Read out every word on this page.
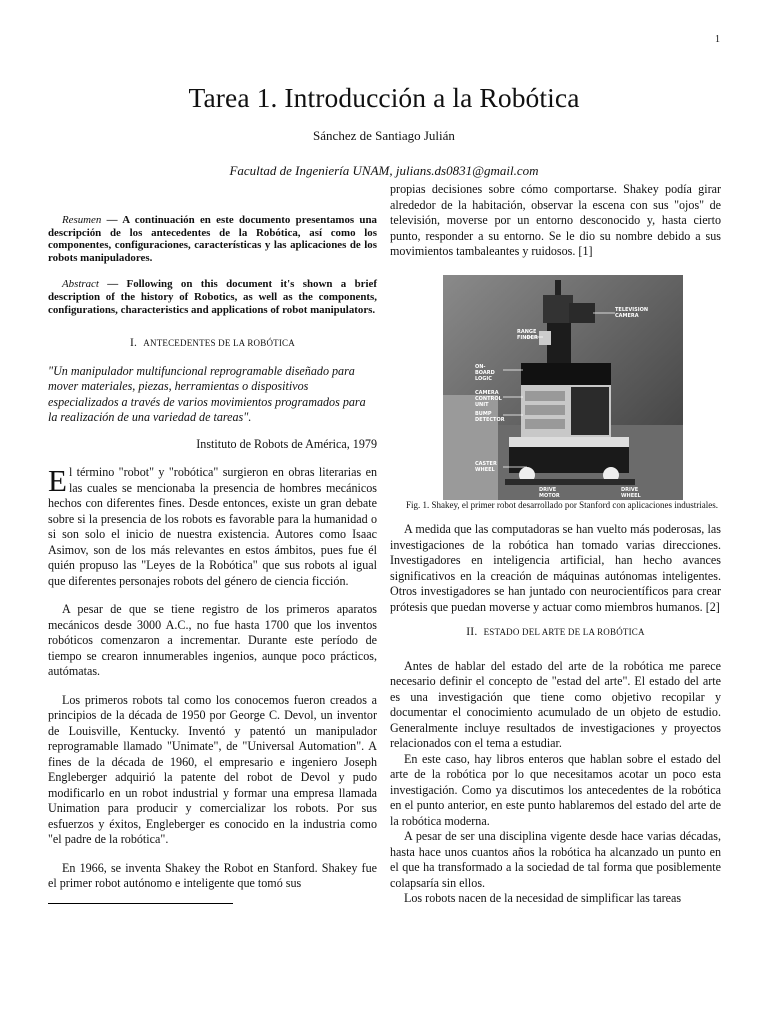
1
Tarea 1. Introducción a la Robótica
Sánchez de Santiago Julián
Facultad de Ingeniería UNAM, julians.ds0831@gmail.com

Resumen — A continuación en este documento presentamos una descripción de los antecedentes de la Robótica, así como los componentes, configuraciones, características y las aplicaciones de los robots manipuladores.

Abstract — Following on this document it's shown a brief description of the history of Robotics, as well as the components, configurations, characteristics and applications of robot manipulators.

I. ANTECEDENTES DE LA ROBÓTICA

"Un manipulador multifuncional reprogramable diseñado para mover materiales, piezas, herramientas o dispositivos especializados a través de varios movimientos programados para la realización de una variedad de tareas".

Instituto de Robots de América, 1979

El término "robot" y "robótica" surgieron en obras literarias en las cuales se mencionaba la presencia de hombres mecánicos hechos con diferentes fines. Desde entonces, existe un gran debate sobre si la presencia de los robots es favorable para la humanidad o si son solo el inicio de nuestra existencia. Autores como Isaac Asimov, son de los más relevantes en estos ámbitos, pues fue él quién propuso las "Leyes de la Robótica" que sus robots al igual que diferentes personajes robots del género de ciencia ficción.

A pesar de que se tiene registro de los primeros aparatos mecánicos desde 3000 A.C., no fue hasta 1700 que los inventos robóticos comenzaron a incrementar. Durante este período de tiempo se crearon innumerables ingenios, aunque poco prácticos, autómatas.

Los primeros robots tal como los conocemos fueron creados a principios de la década de 1950 por George C. Devol, un inventor de Louisville, Kentucky. Inventó y patentó un manipulador reprogramable llamado "Unimate", de "Universal Automation". A fines de la década de 1960, el empresario e ingeniero Joseph Engleberger adquirió la patente del robot de Devol y pudo modificarlo en un robot industrial y formar una empresa llamada Unimation para producir y comercializar los robots. Por sus esfuerzos y éxitos, Engleberger es conocido en la industria como "el padre de la robótica".

En 1966, se inventa Shakey the Robot en Stanford. Shakey fue el primer robot autónomo e inteligente que tomó sus

propias decisiones sobre cómo comportarse. Shakey podía girar alrededor de la habitación, observar la escena con sus "ojos" de televisión, moverse por un entorno desconocido y, hasta cierto punto, responder a su entorno. Se le dio su nombre debido a sus movimientos tambaleantes y ruidosos. [1]

TELEVISION CAMERA
RANGE FINDER
ON-BOARD LOGIC
CAMERA CONTROL UNIT
BUMP DETECTOR
CASTER WHEEL
DRIVE MOTOR
DRIVE WHEEL
Fig. 1. Shakey, el primer robot desarrollado por Stanford con aplicaciones industriales.

A medida que las computadoras se han vuelto más poderosas, las investigaciones de la robótica han tomado varias direcciones. Investigadores en inteligencia artificial, han hecho avances significativos en la creación de máquinas autónomas inteligentes. Otros investigadores se han juntado con neurocientíficos para crear prótesis que puedan moverse y actuar como miembros humanos. [2]

II. ESTADO DEL ARTE DE LA ROBÓTICA

Antes de hablar del estado del arte de la robótica me parece necesario definir el concepto de "estad del arte". El estado del arte es una investigación que tiene como objetivo recopilar y documentar el conocimiento acumulado de un objeto de estudio. Generalmente incluye resultados de investigaciones y proyectos relacionados con el tema a estudiar.

En este caso, hay libros enteros que hablan sobre el estado del arte de la robótica por lo que necesitamos acotar un poco esta investigación. Como ya discutimos los antecedentes de la robótica en el punto anterior, en este punto hablaremos del estado del arte de la robótica moderna.

A pesar de ser una disciplina vigente desde hace varias décadas, hasta hace unos cuantos años la robótica ha alcanzado un punto en el que ha transformado a la sociedad de tal forma que posiblemente colapsaría sin ellos.

Los robots nacen de la necesidad de simplificar las tareas
